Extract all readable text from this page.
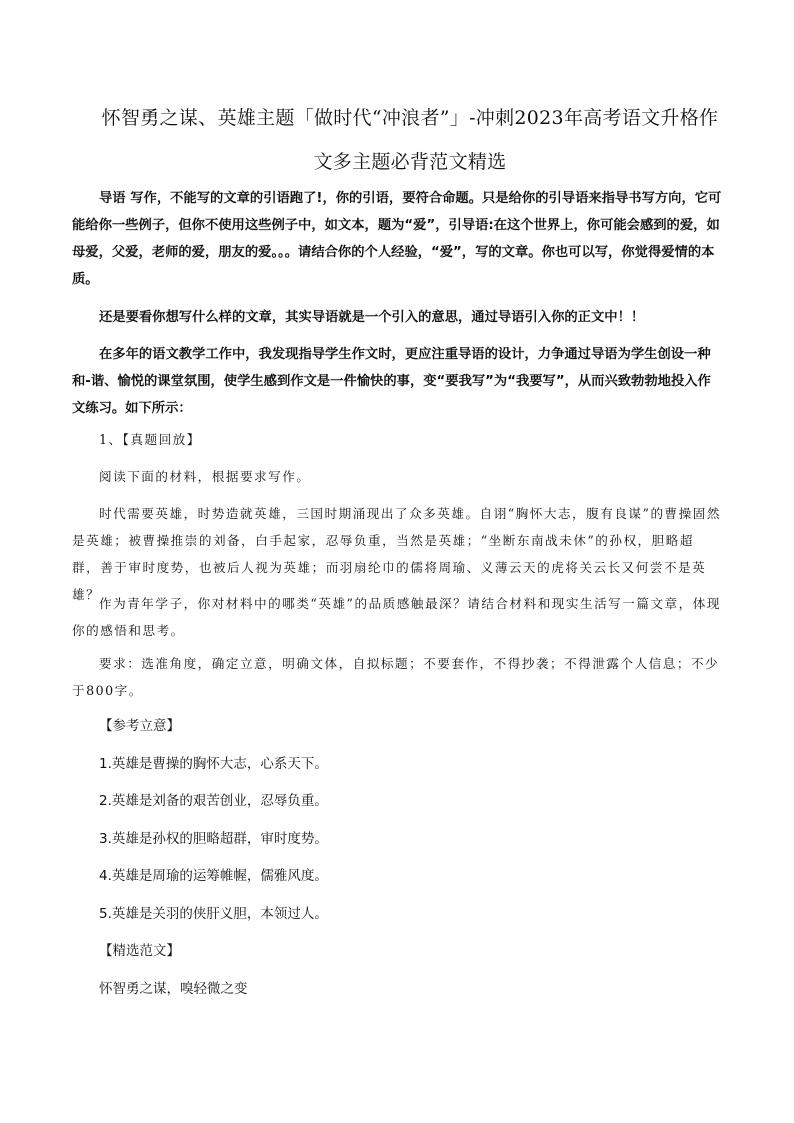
怀智勇之谋、英雄主题「做时代“冲浪者”」-冲刺2023年高考语文升格作
文多主题必背范文精选

导语 写作，不能写的文章的引语跑了!，你的引语，要符合命题。只是给你的引导语来指导书写方向，它可能给你一些例子，但你不使用这些例子中，如文本，题为“爱”，引导语:在这个世界上，你可能会感到的爱，如母爱，父爱，老师的爱，朋友的爱。。。请结合你的个人经验，“爱”，写的文章。你也可以写，你觉得爱情的本质。

还是要看你想写什么样的文章，其实导语就是一个引入的意思，通过导语引入你的正文中！！

在多年的语文教学工作中，我发现指导学生作文时，更应注重导语的设计，力争通过导语为学生创设一种和-谐、愉悦的课堂氛围，使学生感到作文是一件愉快的事，变“要我写”为“我要写”，从而兴致勃勃地投入作文练习。如下所示：

1、【真题回放】

阅读下面的材料，根据要求写作。

时代需要英雄，时势造就英雄，三国时期涌现出了众多英雄。自诩“胸怀大志，腹有良谋”的曹操固然是英雄；被曹操推崇的刘备，白手起家，忍辱负重，当然是英雄；“坐断东南战未休”的孙权，胆略超群，善于审时度势，也被后人视为英雄；而羽扇纶巾的儒将周瑜、义薄云天的虎将关云长又何尝不是英雄？

作为青年学子，你对材料中的哪类“英雄”的品质感触最深？请结合材料和现实生活写一篇文章，体现你的感悟和思考。

要求：选准角度，确定立意，明确文体，自拟标题；不要套作，不得抄袭；不得泄露个人信息；不少于800字。

【参考立意】

1.英雄是曹操的胸怀大志，心系天下。

2.英雄是刘备的艰苦创业，忍辱负重。

3.英雄是孙权的胆略超群，审时度势。

4.英雄是周瑜的运筹帷幄，儒雅风度。

5.英雄是关羽的侠肝义胆，本领过人。

【精选范文】

怀智勇之谋，嗅轻微之变
